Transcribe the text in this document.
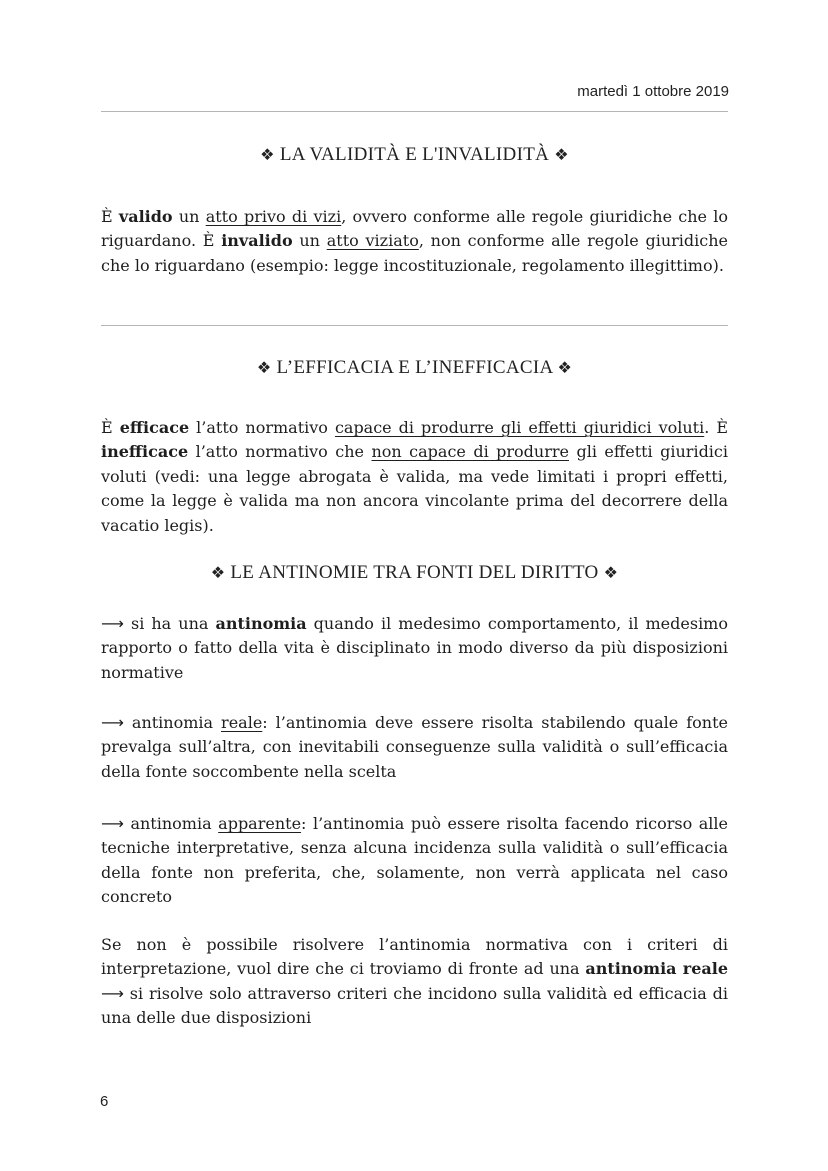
martedì 1 ottobre 2019
❖ LA VALIDITÀ E L'INVALIDITÀ ❖

È valido un atto privo di vizi, ovvero conforme alle regole giuridiche che lo riguardano. È invalido un atto viziato, non conforme alle regole giuridiche che lo riguardano (esempio: legge incostituzionale, regolamento illegittimo).

❖ L’EFFICACIA E L’INEFFICACIA ❖

È efficace l’atto normativo capace di produrre gli effetti giuridici voluti. È inefficace l’atto normativo che non capace di produrre gli effetti giuridici voluti (vedi: una legge abrogata è valida, ma vede limitati i propri effetti, come la legge è valida ma non ancora vincolante prima del decorrere della vacatio legis).

❖ LE ANTINOMIE TRA FONTI DEL DIRITTO ❖

⟶ si ha una antinomia quando il medesimo comportamento, il medesimo rapporto o fatto della vita è disciplinato in modo diverso da più disposizioni normative

⟶ antinomia reale: l’antinomia deve essere risolta stabilendo quale fonte prevalga sull’altra, con inevitabili conseguenze sulla validità o sull’efficacia della fonte soccombente nella scelta

⟶ antinomia apparente: l’antinomia può essere risolta facendo ricorso alle tecniche interpretative, senza alcuna incidenza sulla validità o sull’efficacia della fonte non preferita, che, solamente, non verrà applicata nel caso concreto

Se non è possibile risolvere l’antinomia normativa con i criteri di interpretazione, vuol dire che ci troviamo di fronte ad una antinomia reale ⟶ si risolve solo attraverso criteri che incidono sulla validità ed efficacia di una delle due disposizioni

6
